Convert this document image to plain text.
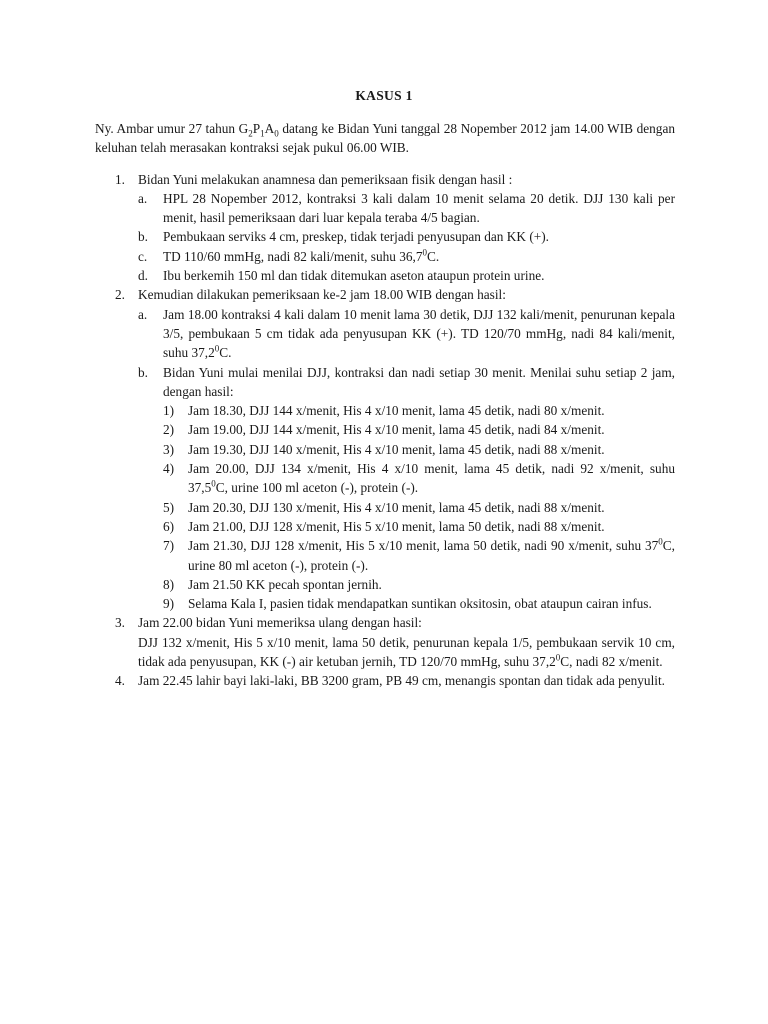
KASUS 1

Ny. Ambar umur 27 tahun $G_2P_1A_0$ datang ke Bidan Yuni tanggal 28 Nopember 2012 jam 14.00 WIB dengan keluhan telah merasakan kontraksi sejak pukul 06.00 WIB.

1. Bidan Yuni melakukan anamnesa dan pemeriksaan fisik dengan hasil :
a. HPL 28 Nopember 2012, kontraksi 3 kali dalam 10 menit selama 20 detik. DJJ 130 kali per menit, hasil pemeriksaan dari luar kepala teraba 4/5 bagian.
b. Pembukaan serviks 4 cm, preskep, tidak terjadi penyusupan dan KK (+).
c. TD 110/60 mmHg, nadi 82 kali/menit, suhu 36,7$^0$C.
d. Ibu berkemih 150 ml dan tidak ditemukan aseton ataupun protein urine.
2. Kemudian dilakukan pemeriksaan ke-2 jam 18.00 WIB dengan hasil:
a. Jam 18.00 kontraksi 4 kali dalam 10 menit lama 30 detik, DJJ 132 kali/menit, penurunan kepala 3/5, pembukaan 5 cm tidak ada penyusupan KK (+). TD 120/70 mmHg, nadi 84 kali/menit, suhu 37,2$^0$C.
b. Bidan Yuni mulai menilai DJJ, kontraksi dan nadi setiap 30 menit. Menilai suhu setiap 2 jam, dengan hasil:
1) Jam 18.30, DJJ 144 x/menit, His 4 x/10 menit, lama 45 detik, nadi 80 x/menit.
2) Jam 19.00, DJJ 144 x/menit, His 4 x/10 menit, lama 45 detik, nadi 84 x/menit.
3) Jam 19.30, DJJ 140 x/menit, His 4 x/10 menit, lama 45 detik, nadi 88 x/menit.
4) Jam 20.00, DJJ 134 x/menit, His 4 x/10 menit, lama 45 detik, nadi 92 x/menit, suhu 37,5$^0$C, urine 100 ml aceton (-), protein (-).
5) Jam 20.30, DJJ 130 x/menit, His 4 x/10 menit, lama 45 detik, nadi 88 x/menit.
6) Jam 21.00, DJJ 128 x/menit, His 5 x/10 menit, lama 50 detik, nadi 88 x/menit.
7) Jam 21.30, DJJ 128 x/menit, His 5 x/10 menit, lama 50 detik, nadi 90 x/menit, suhu $37^0C$, urine 80 ml aceton (-), protein (-).
8) Jam 21.50 KK pecah spontan jernih.
9) Selama Kala I, pasien tidak mendapatkan suntikan oksitosin, obat ataupun cairan infus.
3. Jam 22.00 bidan Yuni memeriksa ulang dengan hasil:
DJJ 132 x/menit, His 5 x/10 menit, lama 50 detik, penurunan kepala 1/5, pembukaan servik 10 cm, tidak ada penyusupan, KK (-) air ketuban jernih, TD 120/70 mmHg, suhu 37,2$^0$C, nadi 82 x/menit.
4. Jam 22.45 lahir bayi laki-laki, BB 3200 gram, PB 49 cm, menangis spontan dan tidak ada penyulit.
